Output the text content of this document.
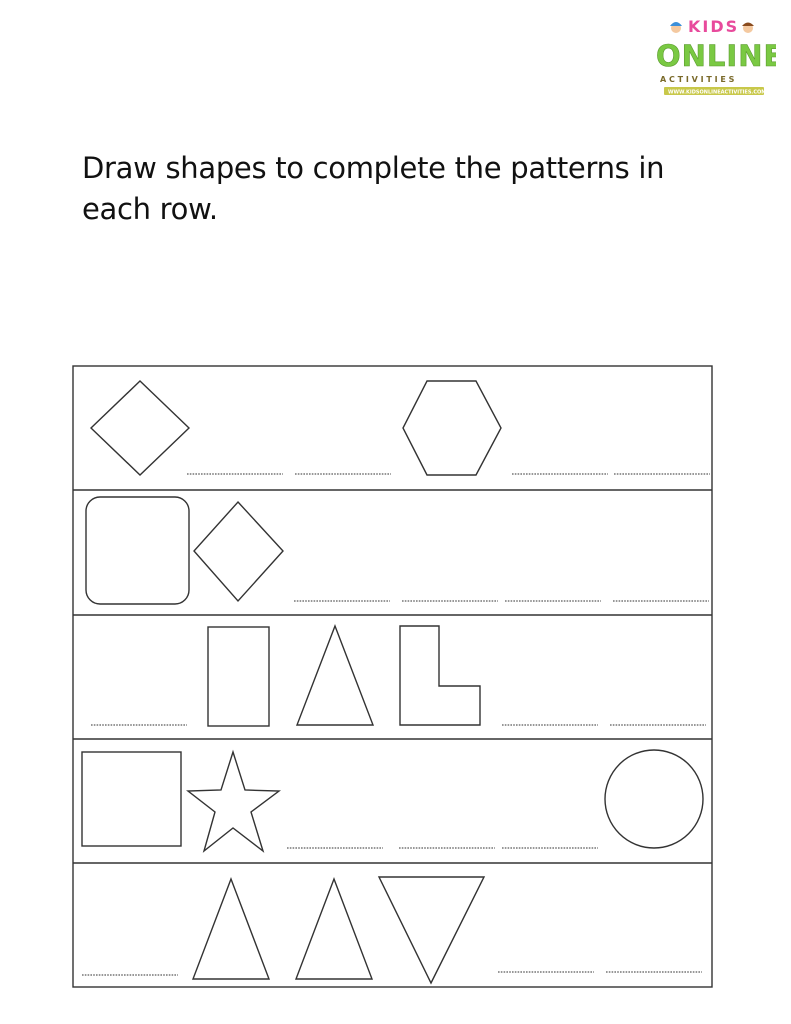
KIDS
ONLINE
A C T I V I T I E S
WWW.KIDSONLINEACTIVITIES.COM

Draw shapes to complete the patterns in each row.
